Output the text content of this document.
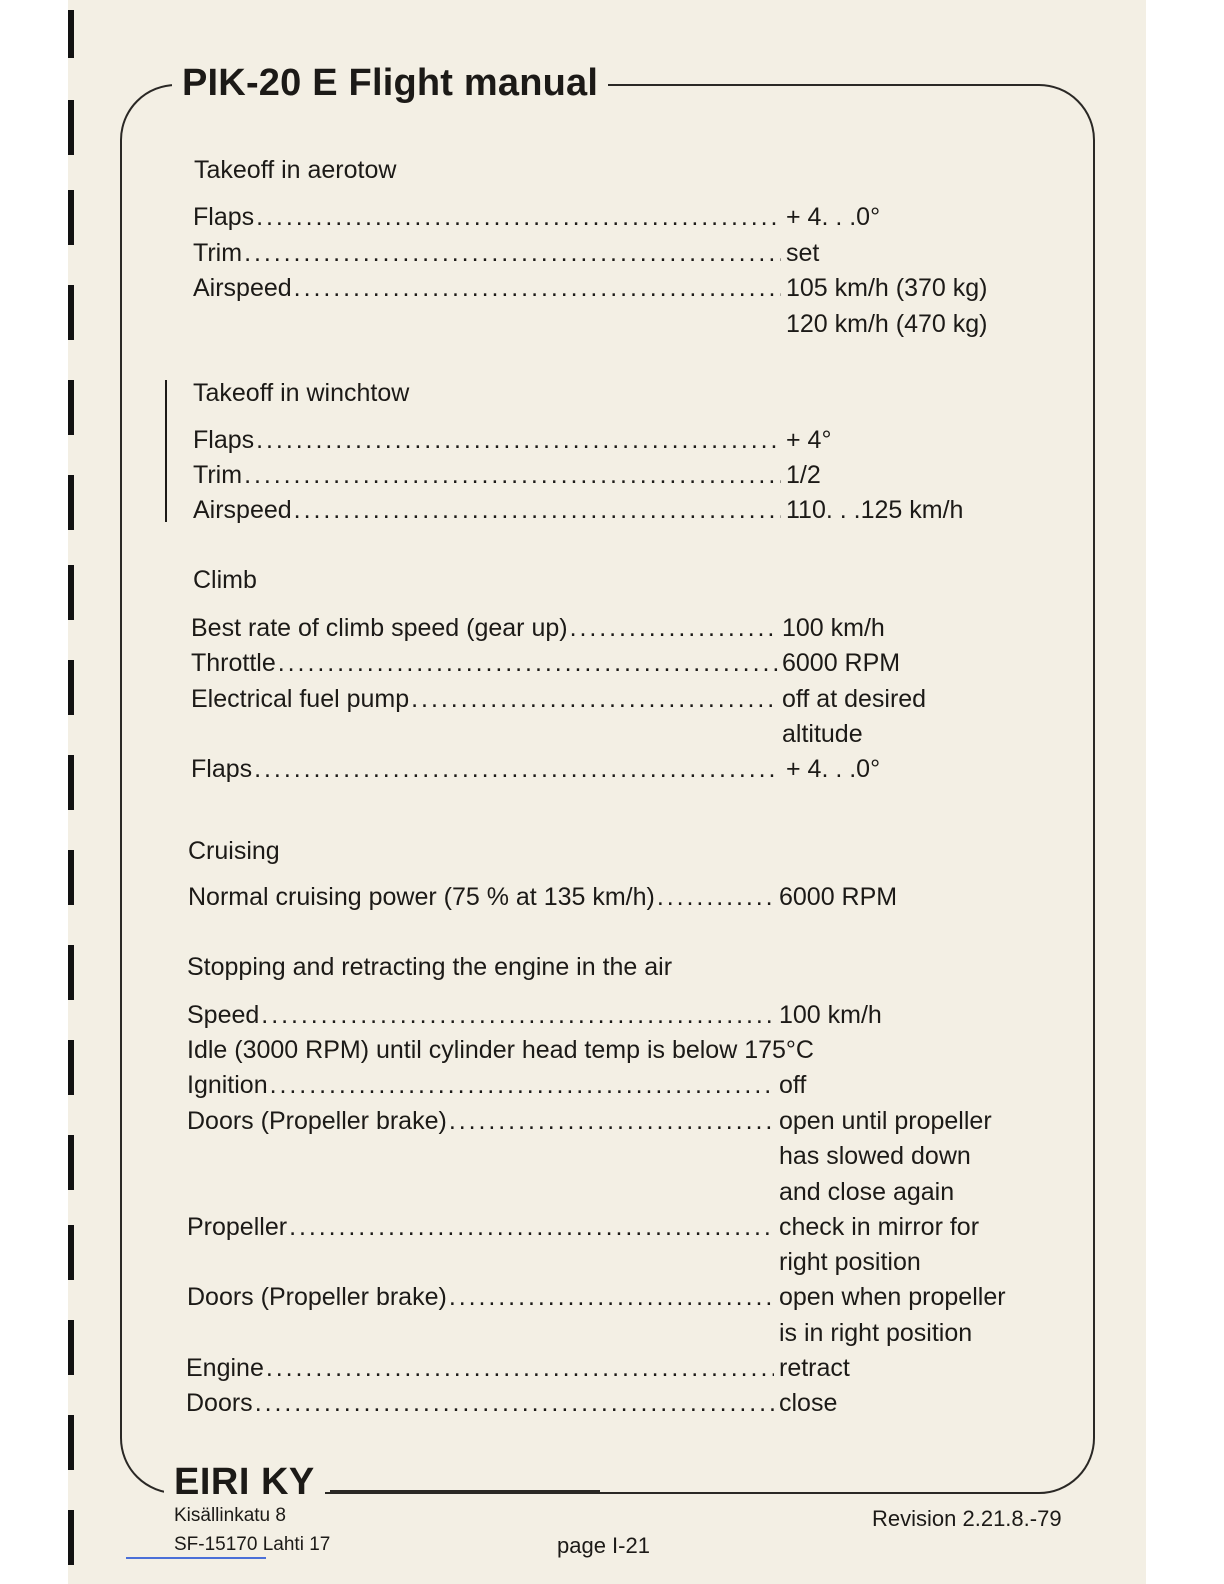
PIK-20 E Flight manual
Takeoff in aerotow
Flaps . . .	+ 4. . .0°
Trim . . .	set
Airspeed . . .	105 km/h (370 kg)
120 km/h (470 kg)
Takeoff in winchtow
Flaps . . .	+ 4°
Trim . . .	1/2
Airspeed . . .	110. . .125 km/h
Climb
Best rate of climb speed (gear up) . . .	100 km/h
Throttle . . .	6000 RPM
Electrical fuel pump . . .	off at desired
altitude
Flaps . . .	+ 4. . .0°
Cruising
Normal cruising power (75 % at 135 km/h) . . .	6000 RPM
Stopping and retracting the engine in the air
Speed . . .	100 km/h
Idle (3000 RPM) until cylinder head temp is below 175°C
Ignition . . .	off
Doors (Propeller brake) . . .	open until propeller
has slowed down
and close again
Propeller . . .	check in mirror for
right position
Doors (Propeller brake) . . .	open when propeller
is in right position
Engine . . .	retract
Doors . . .	close
EIRI KY
Kisällinkatu 8
SF-15170 Lahti 17	page I-21
Revision 2.21.8.-79
